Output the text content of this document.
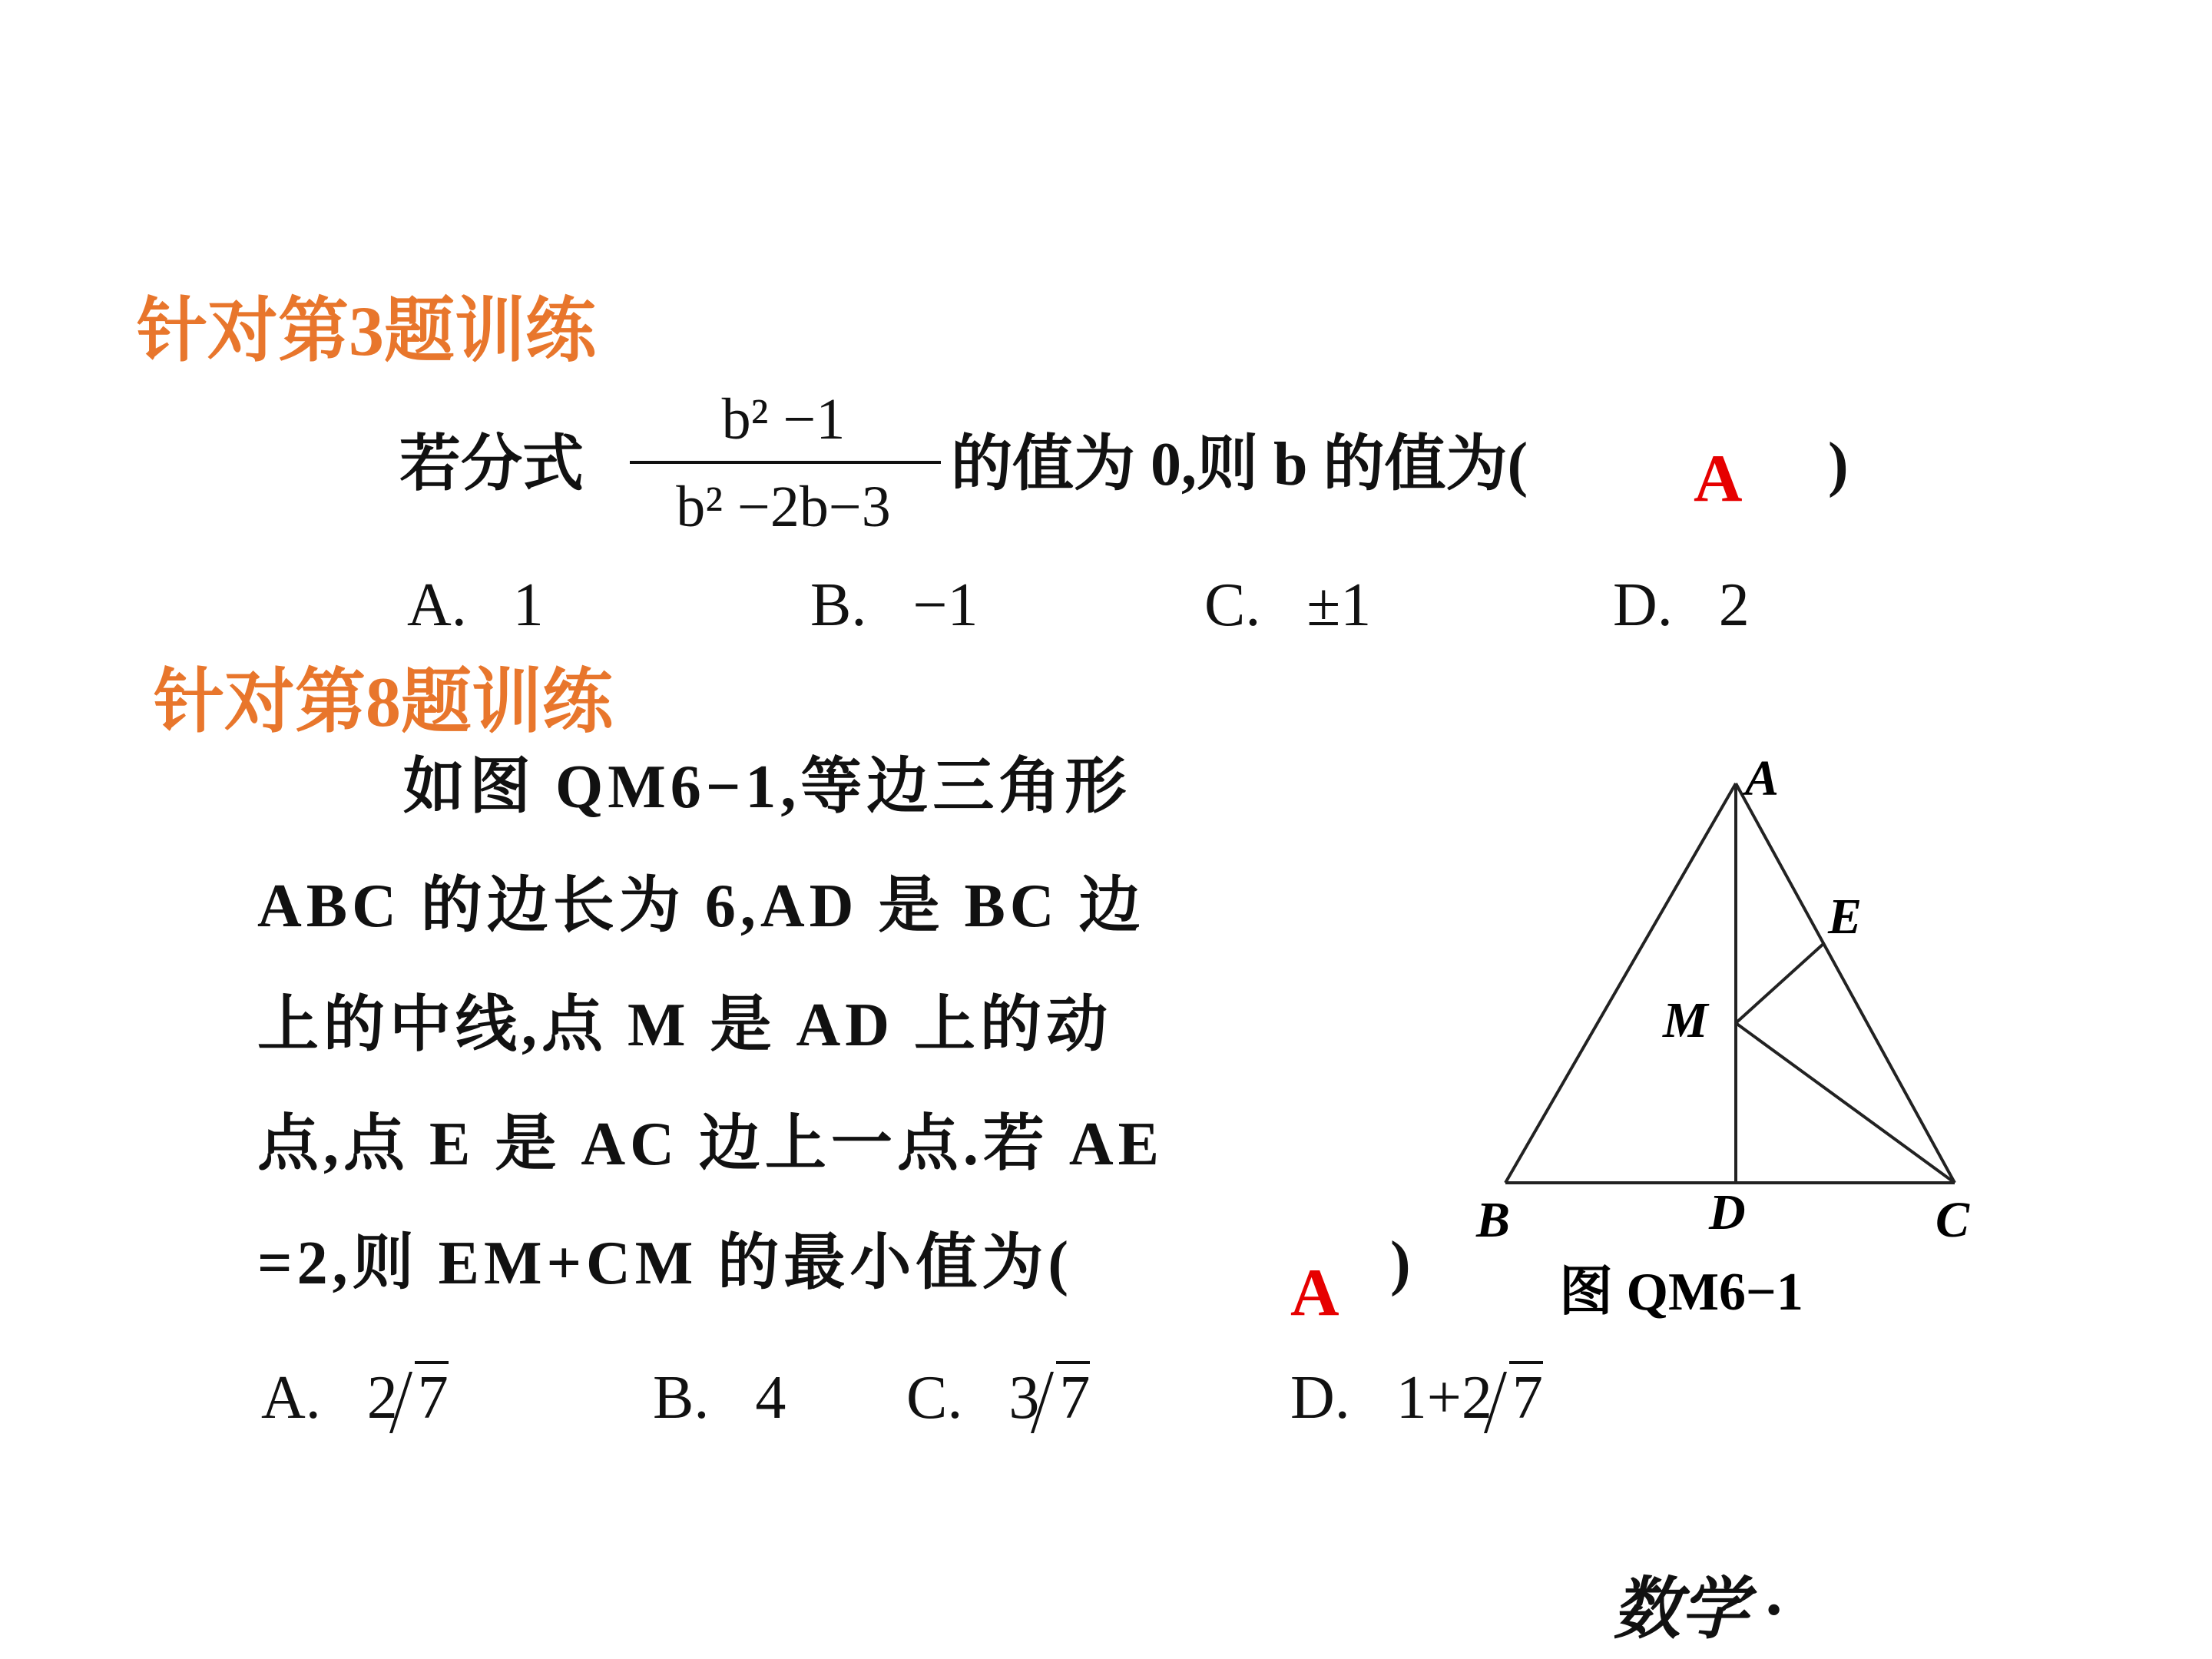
针对第3题训练
若分式
b² −1
b² −2b−3
的值为 0,则 b 的值为( A )
A. 1	B. −1	C. ±1	D. 2
针对第8题训练
如图 QM6−1,等边三角形
ABC 的边长为 6,AD 是 BC 边
上的中线,点 M 是 AD 上的动
点,点 E 是 AC 边上一点.若 AE
=2,则 EM+CM 的最小值为(	A )
A. 2 7	B. 4 C. 3 7	D. 1+2 7
A
E
M
B	D	C
图 QM6−1
数学 ·
